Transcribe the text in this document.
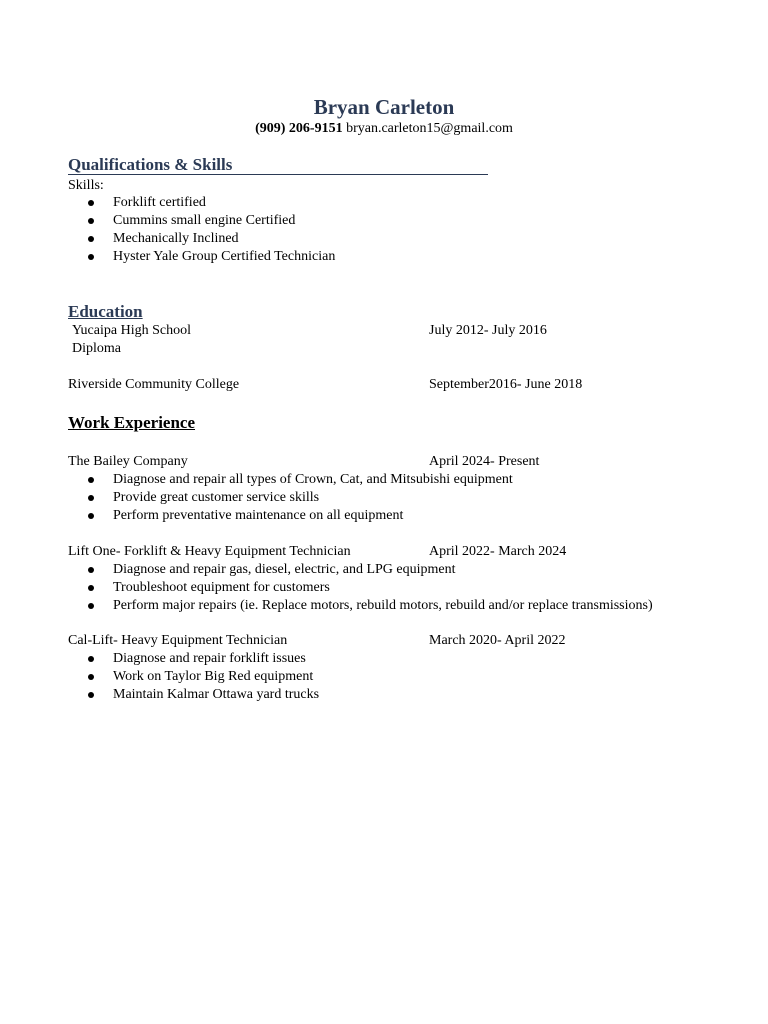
Bryan Carleton
(909) 206-9151 bryan.carleton15@gmail.com
Qualifications & Skills
Skills:
Forklift certified
Cummins small engine Certified
Mechanically Inclined
Hyster Yale Group Certified Technician
Education
Yucaipa High School	July 2012- July 2016
Diploma
Riverside Community College	September2016- June 2018
Work Experience
The Bailey Company	April 2024- Present
Diagnose and repair all types of Crown, Cat, and Mitsubishi equipment
Provide great customer service skills
Perform preventative maintenance on all equipment
Lift One- Forklift & Heavy Equipment Technician	April 2022- March 2024
Diagnose and repair gas, diesel, electric, and LPG equipment
Troubleshoot equipment for customers
Perform major repairs (ie. Replace motors, rebuild motors, rebuild and/or replace transmissions)
Cal-Lift- Heavy Equipment Technician	March 2020- April 2022
Diagnose and repair forklift issues
Work on Taylor Big Red equipment
Maintain Kalmar Ottawa yard trucks
